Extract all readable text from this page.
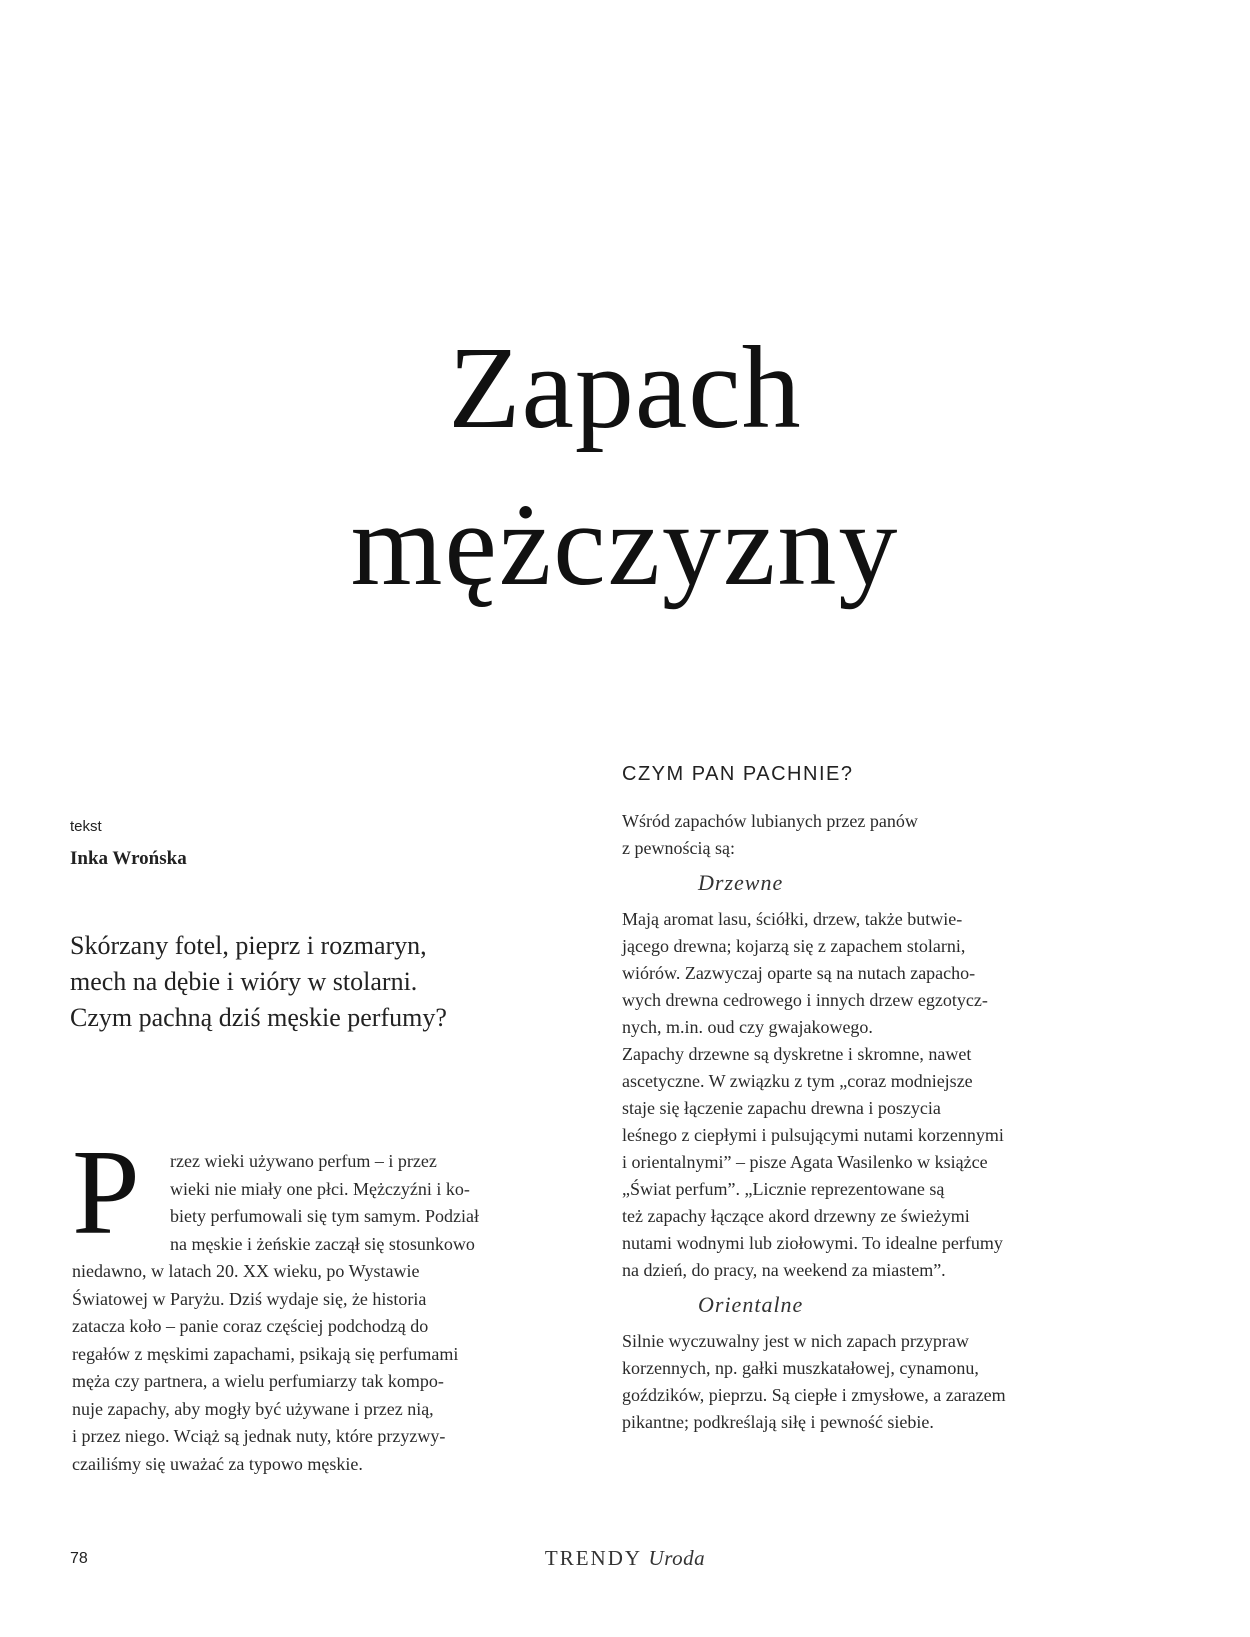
Zapach
mężczyzny
tekst
Inka Wrońska
Skórzany fotel, pieprz i rozmaryn,
mech na dębie i wióry w stolarni.
Czym pachną dziś męskie perfumy?
P	rzez wieki używano perfum – i przez
wieki nie miały one płci. Mężczyźni i ko-
biety perfumowali się tym samym. Podział
na męskie i żeńskie zaczął się stosunkowo
niedawno, w latach 20. XX wieku, po Wystawie
Światowej w Paryżu. Dziś wydaje się, że historia
zatacza koło – panie coraz częściej podchodzą do
regałów z męskimi zapachami, psikają się perfumami
męża czy partnera, a wielu perfumiarzy tak kompo-
nuje zapachy, aby mogły być używane i przez nią,
i przez niego. Wciąż są jednak nuty, które przyzwy-
czailiśmy się uważać za typowo męskie.
CZYM PAN PACHNIE?
Wśród zapachów lubianych przez panów
z pewnością są:
Drzewne
Mają aromat lasu, ściółki, drzew, także butwie-
jącego drewna; kojarzą się z zapachem stolarni,
wiórów. Zazwyczaj oparte są na nutach zapacho-
wych drewna cedrowego i innych drzew egzotycz-
nych, m.in. oud czy gwajakowego.
Zapachy drzewne są dyskretne i skromne, nawet
ascetyczne. W związku z tym „coraz modniejsze
staje się łączenie zapachu drewna i poszycia
leśnego z ciepłymi i pulsującymi nutami korzennymi
i orientalnymi” – pisze Agata Wasilenko w książce
„Świat perfum”. „Licznie reprezentowane są
też zapachy łączące akord drzewny ze świeżymi
nutami wodnymi lub ziołowymi. To idealne perfumy
na dzień, do pracy, na weekend za miastem”.
Orientalne
Silnie wyczuwalny jest w nich zapach przypraw
korzennych, np. gałki muszkatałowej, cynamonu,
goździków, pieprzu. Są ciepłe i zmysłowe, a zarazem
pikantne; podkreślają siłę i pewność siebie.
78	TRENDY Uroda
